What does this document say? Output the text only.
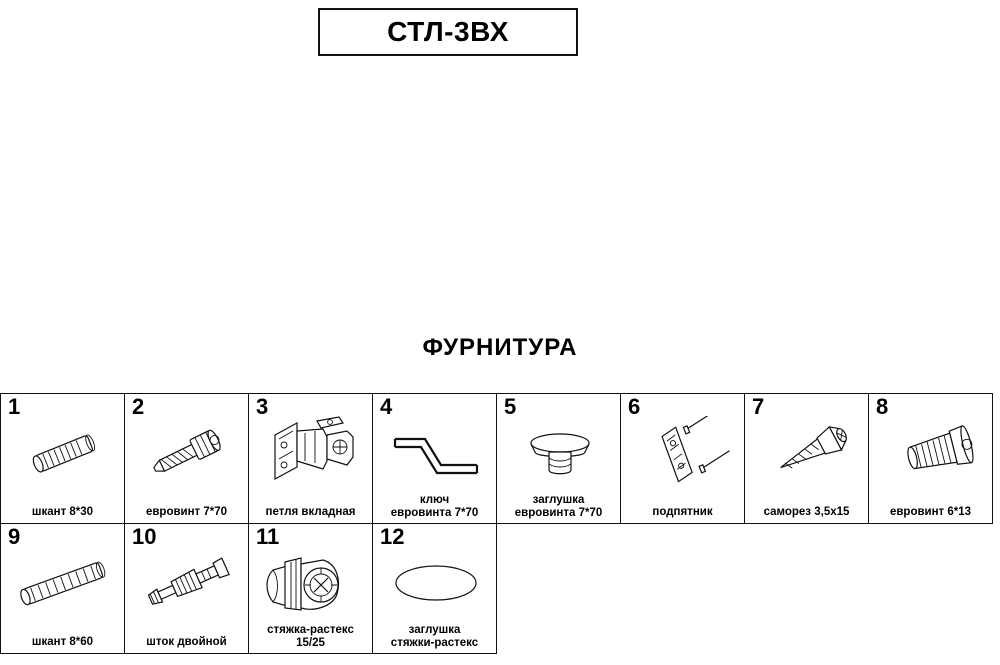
СТЛ-3ВХ
ФУРНИТУРА
1
шкант 8*30
2
евровинт 7*70
3
петля вкладная
4
ключ
евровинта 7*70
5
заглушка
евровинта 7*70
6
подпятник
7
саморез 3,5х15
8
евровинт 6*13
9
шкант 8*60
10
шток двойной
11
стяжка-растекс
15/25
12
заглушка
стяжки-растекс
